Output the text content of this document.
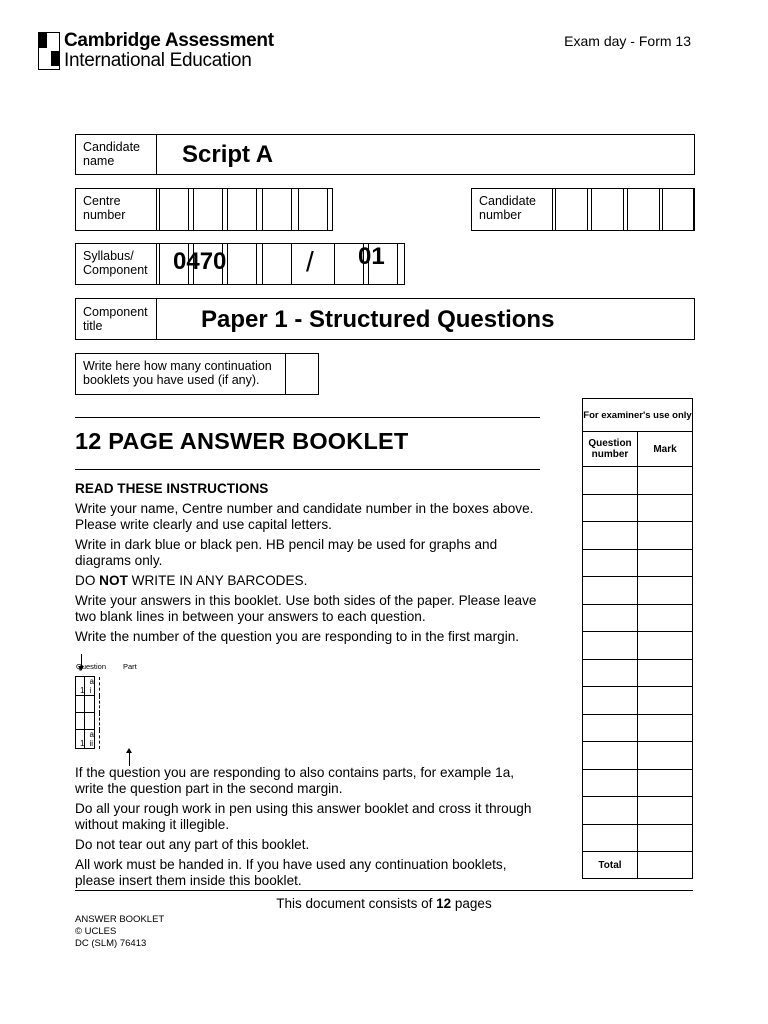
Cambridge Assessment
International Education
Exam day - Form 13
Candidate name	Script A
Centre number
Candidate number
Syllabus/ Component	0470	/ 01
Component title	Paper 1 - Structured Questions
Write here how many continuation booklets you have used (if any).
12 PAGE ANSWER BOOKLET

READ THESE INSTRUCTIONS

Write your name, Centre number and candidate number in the boxes above. Please write clearly and use capital letters.

Write in dark blue or black pen. HB pencil may be used for graphs and diagrams only.

DO NOT WRITE IN ANY BARCODES.

Write your answers in this booklet. Use both sides of the paper. Please leave two blank lines in between your answers to each question.

Write the number of the question you are responding to in the first margin.

Question Part
1	a i	

1	a ii	

If the question you are responding to also contains parts, for example 1a, write the question part in the second margin.

Do all your rough work in pen using this answer booklet and cross it through without making it illegible.

Do not tear out any part of this booklet.

All work must be handed in. If you have used any continuation booklets, please insert them inside this booklet.

For examiner's use only	
Question number	Mark

Total	
This document consists of 12 pages
ANSWER BOOKLET
© UCLES
DC (SLM) 76413
